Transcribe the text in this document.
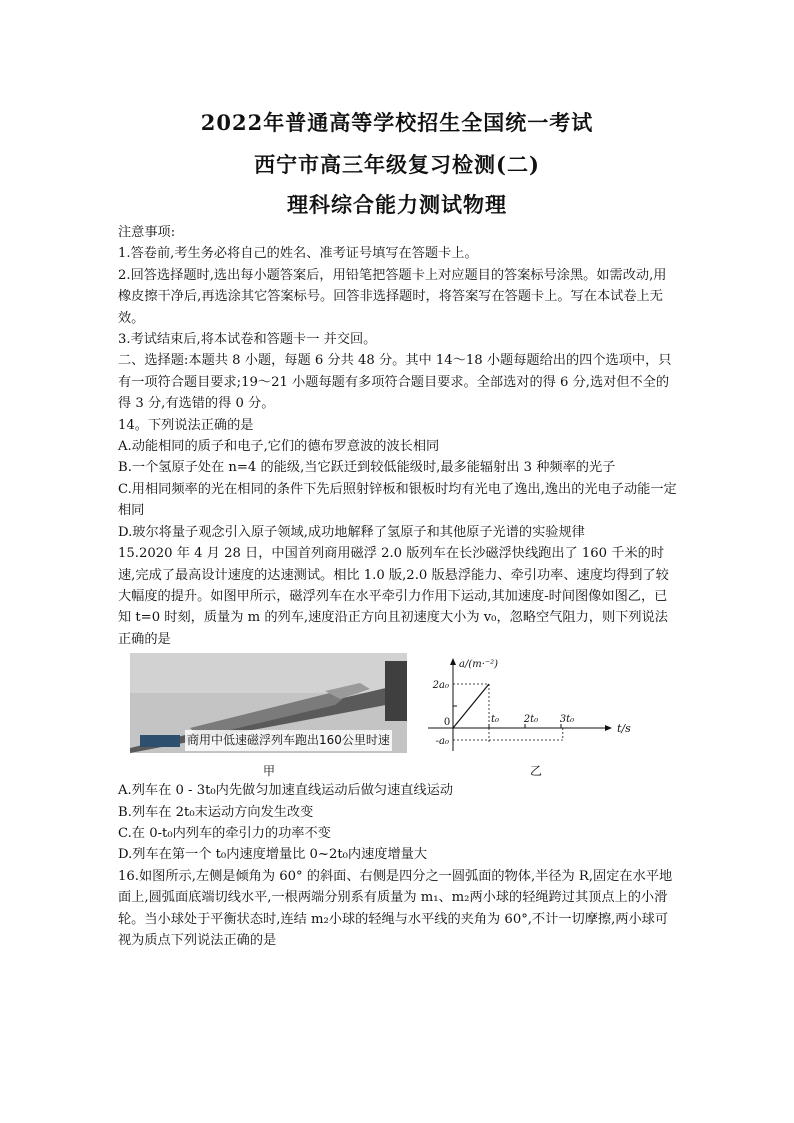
2022年普通高等学校招生全国统一考试
西宁市高三年级复习检测(二)
理科综合能力测试物理

注意事项:

1.答卷前,考生务必将自己的姓名、准考证号填写在答题卡上。

2.回答选择题时,选出每小题答案后，用铅笔把答题卡上对应题目的答案标号涂黑。如需改动,用橡皮擦干净后,再选涂其它答案标号。回答非选择题时，将答案写在答题卡上。写在本试卷上无效。

3.考试结束后,将本试卷和答题卡一 并交回。

二、选择题:本题共 8 小题，每题 6 分共 48 分。其中 14～18 小题每题给出的四个选项中，只有一项符合题目要求;19～21 小题每题有多项符合题目要求。全部选对的得 6 分,选对但不全的得 3 分,有选错的得 0 分。

14。下列说法正确的是

A.动能相同的质子和电子,它们的德布罗意波的波长相同

B.一个氢原子处在 n=4 的能级,当它跃迁到较低能级时,最多能辐射出 3 种频率的光子

C.用相同频率的光在相同的条件下先后照射锌板和银板时均有光电了逸出,逸出的光电子动能一定相同

D.玻尔将量子观念引入原子领域,成功地解释了氢原子和其他原子光谱的实验规律

15.2020 年 4 月 28 日，中国首列商用磁浮 2.0 版列车在长沙磁浮快线跑出了 160 千米的时速,完成了最高设计速度的达速测试。相比 1.0 版,2.0 版悬浮能力、牵引功率、速度均得到了较大幅度的提升。如图甲所示，磁浮列车在水平牵引力作用下运动,其加速度-时间图像如图乙，已知 t=0 时刻，质量为 m 的列车,速度沿正方向且初速度大小为 v₀，忽略空气阻力，则下列说法正确的是

商用中低速磁浮列车跑出160公里时速
a/(m·⁻²)
t/s
0
2a₀
-a₀
t₀ 2t₀ 3t₀
甲	乙

A.列车在 0 - 3t₀内先做匀加速直线运动后做匀速直线运动

B.列车在 2t₀末运动方向发生改变

C.在 0-t₀内列车的牵引力的功率不变

D.列车在第一个 t₀内速度增量比 0~2t₀内速度增量大

16.如图所示,左侧是倾角为 60° 的斜面、右侧是四分之一圆弧面的物体,半径为 R,固定在水平地面上,圆弧面底端切线水平,一根两端分别系有质量为 m₁、m₂两小球的轻绳跨过其顶点上的小滑轮。当小球处于平衡状态时,连结 m₂小球的轻绳与水平线的夹角为 60°,不计一切摩擦,两小球可视为质点下列说法正确的是
